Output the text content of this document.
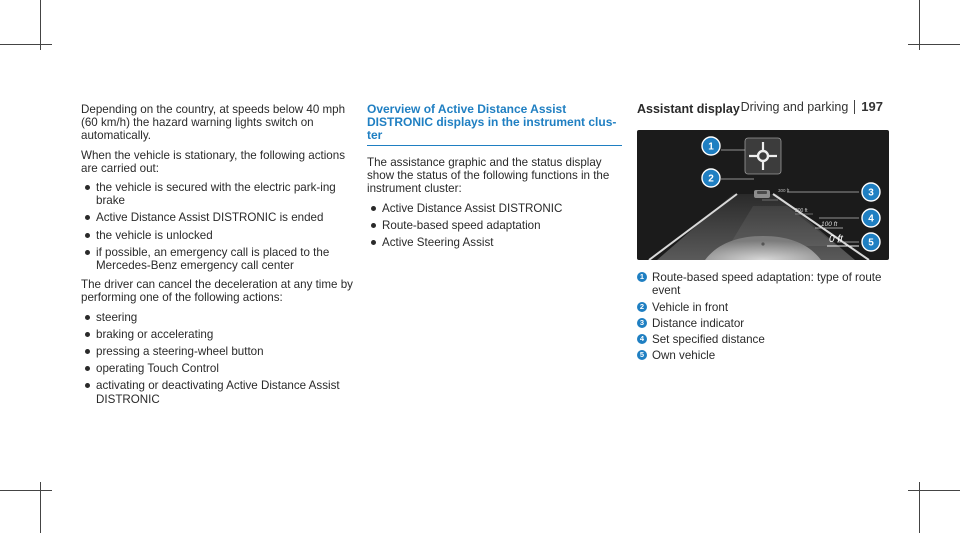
Driving and parking 197

Depending on the country, at speeds below 40 mph (60 km/h) the hazard warning lights switch on automatically.

When the vehicle is stationary, the following actions are carried out:

the vehicle is secured with the electric park-ing brake
Active Distance Assist DISTRONIC is ended
the vehicle is unlocked
if possible, an emergency call is placed to the Mercedes-Benz emergency call center

The driver can cancel the deceleration at any time by performing one of the following actions:

steering
braking or accelerating
pressing a steering-wheel button
operating Touch Control
activating or deactivating Active Distance Assist DISTRONIC
Overview of Active Distance Assist DISTRONIC displays in the instrument clus-ter

The assistance graphic and the status display show the status of the following functions in the instrument cluster:

Active Distance Assist DISTRONIC
Route-based speed adaptation
Active Steering Assist
Assistant display
300 ft
200 ft
100 ft
0 ft
1
2
3
4
5
1 Route-based speed adaptation: type of route event
2 Vehicle in front
3 Distance indicator
4 Set specified distance
5 Own vehicle
